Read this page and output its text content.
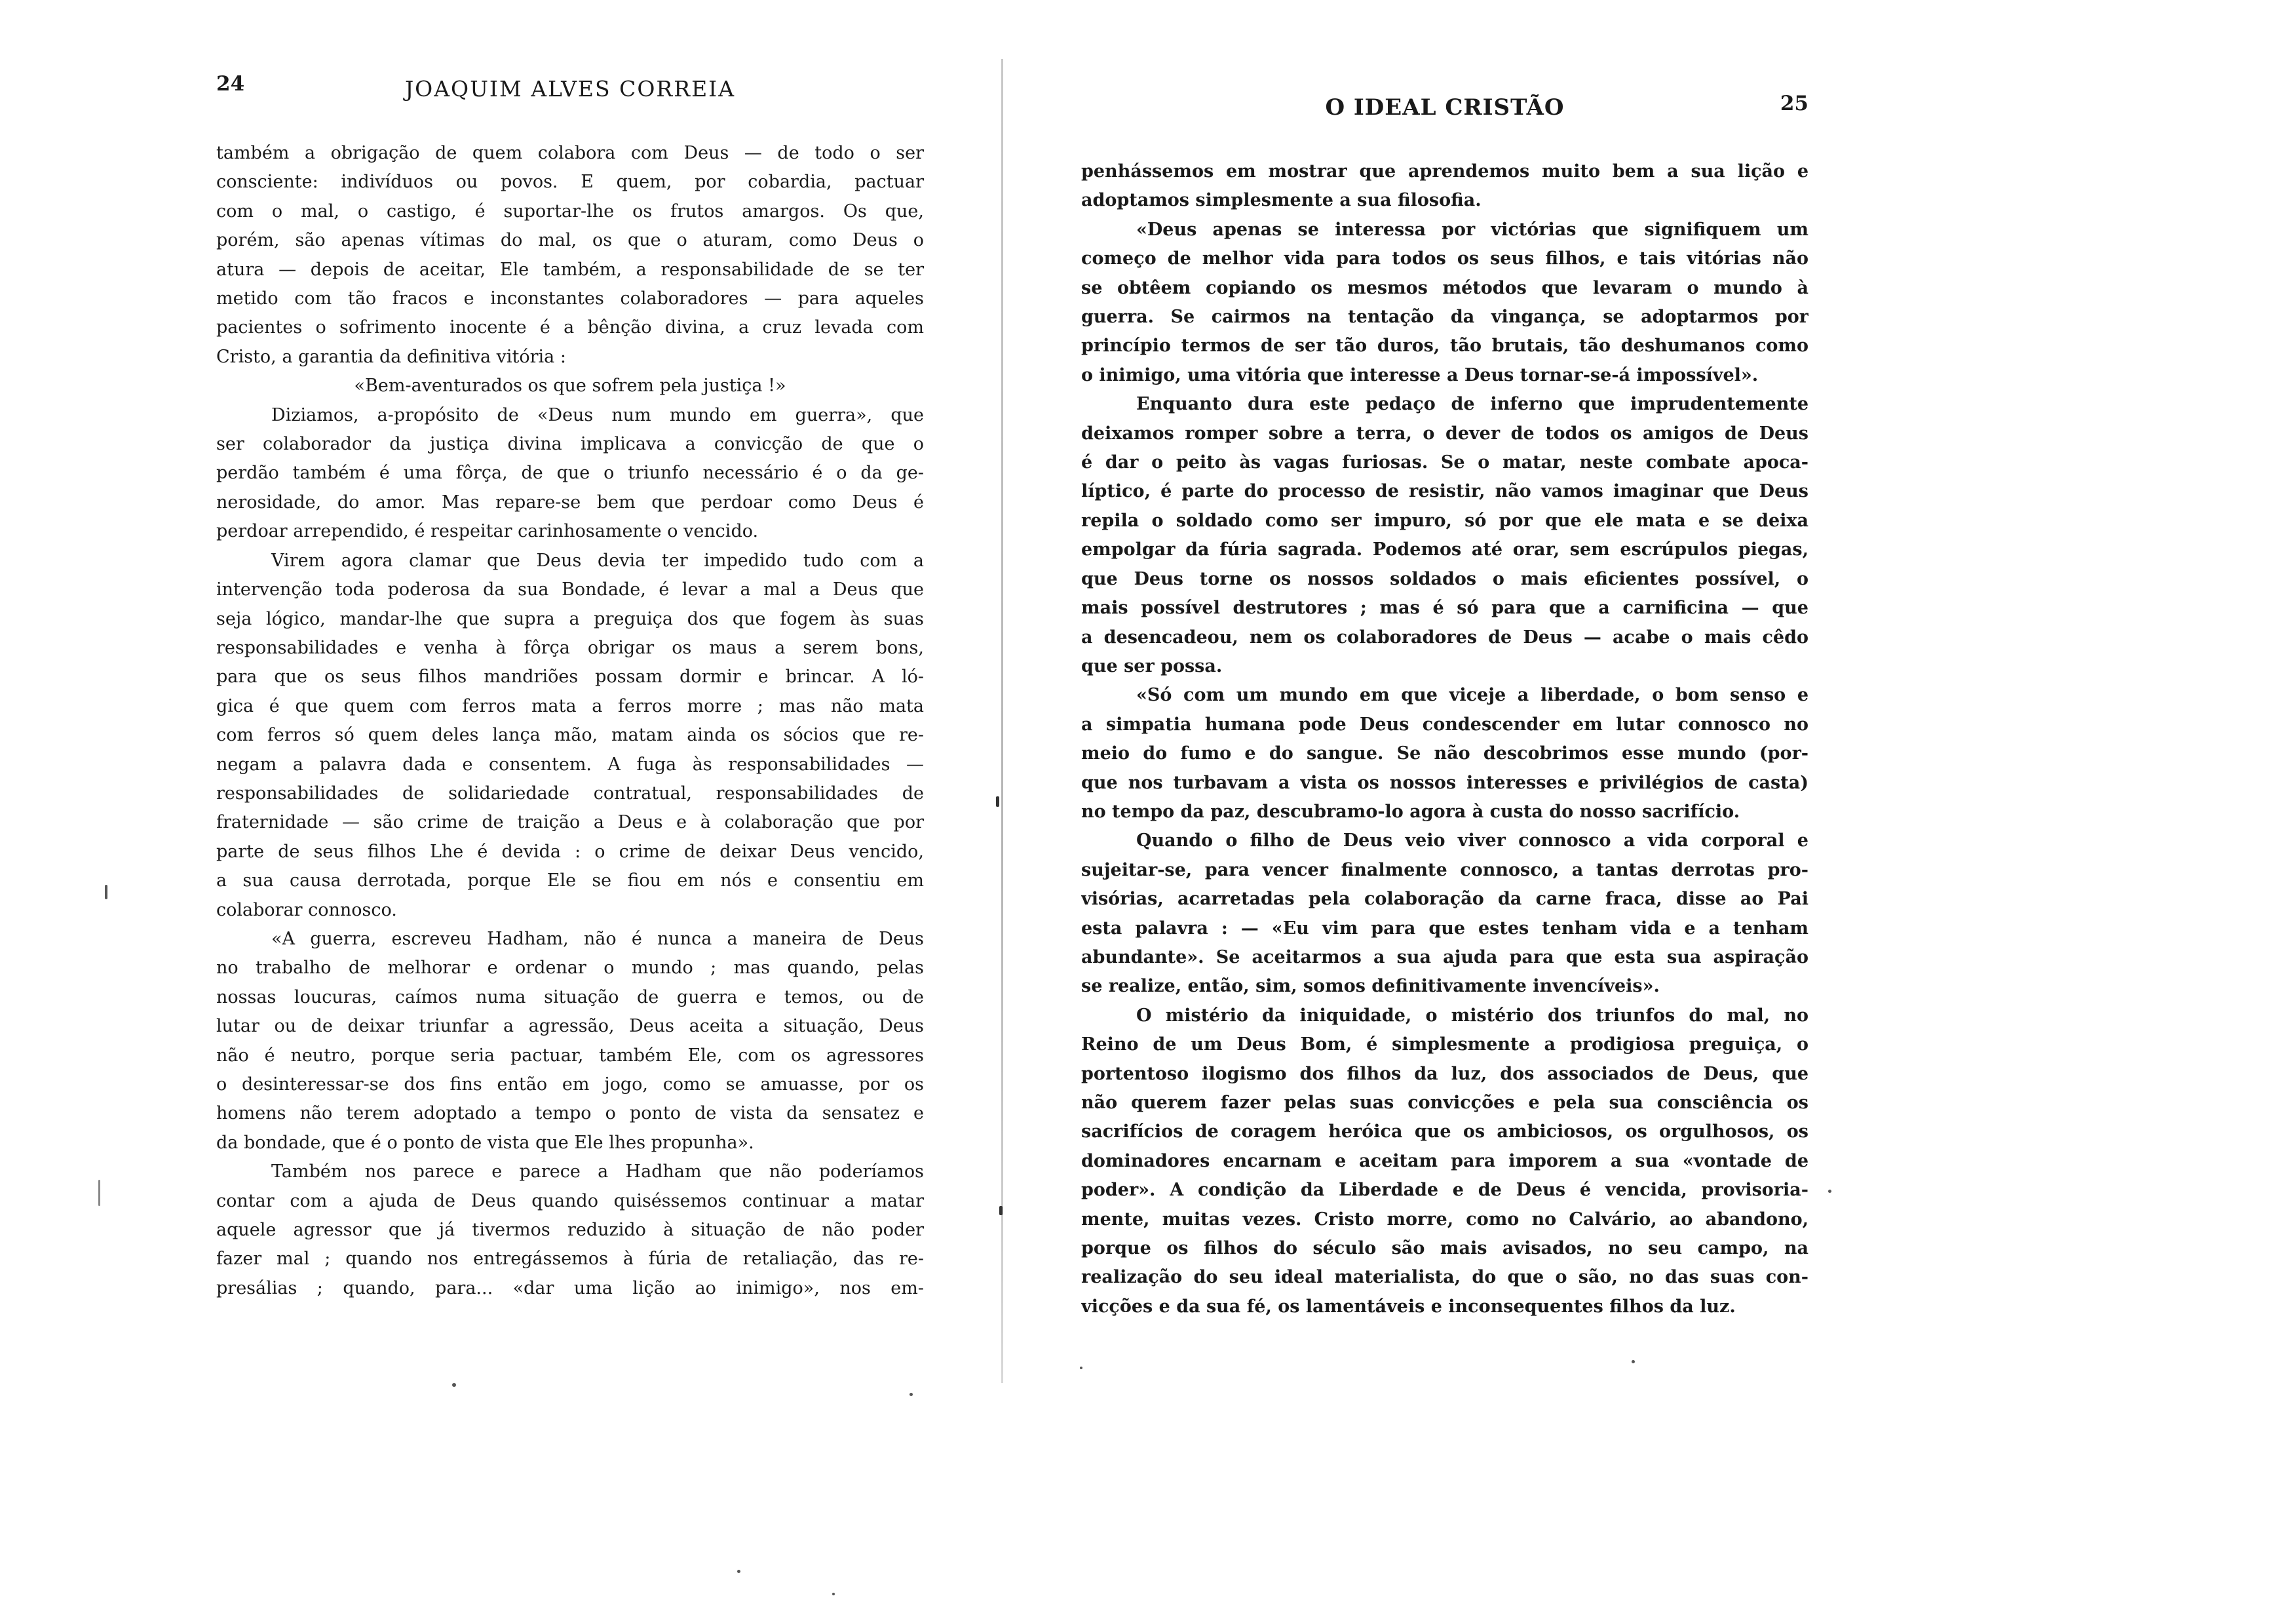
24	JOAQUIM ALVES CORREIA
também a obrigação de quem colabora com Deus — de todo o ser
consciente: indivíduos ou povos. E quem, por cobardia, pactuar
com o mal, o castigo, é suportar-lhe os frutos amargos. Os que,
porém, são apenas vítimas do mal, os que o aturam, como Deus o
atura — depois de aceitar, Ele também, a responsabilidade de se ter
metido com tão fracos e inconstantes colaboradores — para aqueles
pacientes o sofrimento inocente é a bênção divina, a cruz levada com
Cristo, a garantia da definitiva vitória :
«Bem-aventurados os que sofrem pela justiça !»
Diziamos, a-propósito de «Deus num mundo em guerra», que
ser colaborador da justiça divina implicava a convicção de que o
perdão também é uma fôrça, de que o triunfo necessário é o da ge-
nerosidade, do amor. Mas repare-se bem que perdoar como Deus é
perdoar arrependido, é respeitar carinhosamente o vencido.
Virem agora clamar que Deus devia ter impedido tudo com a
intervenção toda poderosa da sua Bondade, é levar a mal a Deus que
seja lógico, mandar-lhe que supra a preguiça dos que fogem às suas
responsabilidades e venha à fôrça obrigar os maus a serem bons,
para que os seus filhos mandriões possam dormir e brincar. A ló-
gica é que quem com ferros mata a ferros morre ; mas não mata
com ferros só quem deles lança mão, matam ainda os sócios que re-
negam a palavra dada e consentem. A fuga às responsabilidades —
responsabilidades de solidariedade contratual, responsabilidades de
fraternidade — são crime de traição a Deus e à colaboração que por
parte de seus filhos Lhe é devida : o crime de deixar Deus vencido,
a sua causa derrotada, porque Ele se fiou em nós e consentiu em
colaborar connosco.
«A guerra, escreveu Hadham, não é nunca a maneira de Deus
no trabalho de melhorar e ordenar o mundo ; mas quando, pelas
nossas loucuras, caímos numa situação de guerra e temos, ou de
lutar ou de deixar triunfar a agressão, Deus aceita a situação, Deus
não é neutro, porque seria pactuar, também Ele, com os agressores
o desinteressar-se dos fins então em jogo, como se amuasse, por os
homens não terem adoptado a tempo o ponto de vista da sensatez e
da bondade, que é o ponto de vista que Ele lhes propunha».
Também nos parece e parece a Hadham que não poderíamos
contar com a ajuda de Deus quando quiséssemos continuar a matar
aquele agressor que já tivermos reduzido à situação de não poder
fazer mal ; quando nos entregássemos à fúria de retaliação, das re-
presálias ; quando, para... «dar uma lição ao inimigo», nos em-
O IDEAL CRISTÃO	25
penhássemos em mostrar que aprendemos muito bem a sua lição e
adoptamos simplesmente a sua filosofia.
«Deus apenas se interessa por victórias que signifiquem um
começo de melhor vida para todos os seus filhos, e tais vitórias não
se obtêem copiando os mesmos métodos que levaram o mundo à
guerra. Se cairmos na tentação da vingança, se adoptarmos por
princípio termos de ser tão duros, tão brutais, tão deshumanos como
o inimigo, uma vitória que interesse a Deus tornar-se-á impossível».
Enquanto dura este pedaço de inferno que imprudentemente
deixamos romper sobre a terra, o dever de todos os amigos de Deus
é dar o peito às vagas furiosas. Se o matar, neste combate apoca-
líptico, é parte do processo de resistir, não vamos imaginar que Deus
repila o soldado como ser impuro, só por que ele mata e se deixa
empolgar da fúria sagrada. Podemos até orar, sem escrúpulos piegas,
que Deus torne os nossos soldados o mais eficientes possível, o
mais possível destrutores ; mas é só para que a carnificina — que
a desencadeou, nem os colaboradores de Deus — acabe o mais cêdo
que ser possa.
«Só com um mundo em que viceje a liberdade, o bom senso e
a simpatia humana pode Deus condescender em lutar connosco no
meio do fumo e do sangue. Se não descobrimos esse mundo (por-
que nos turbavam a vista os nossos interesses e privilégios de casta)
no tempo da paz, descubramo-lo agora à custa do nosso sacrifício.
Quando o filho de Deus veio viver connosco a vida corporal e
sujeitar-se, para vencer finalmente connosco, a tantas derrotas pro-
visórias, acarretadas pela colaboração da carne fraca, disse ao Pai
esta palavra : — «Eu vim para que estes tenham vida e a tenham
abundante». Se aceitarmos a sua ajuda para que esta sua aspiração
se realize, então, sim, somos definitivamente invencíveis».
O mistério da iniquidade, o mistério dos triunfos do mal, no
Reino de um Deus Bom, é simplesmente a prodigiosa preguiça, o
portentoso ilogismo dos filhos da luz, dos associados de Deus, que
não querem fazer pelas suas convicções e pela sua consciência os
sacrifícios de coragem heróica que os ambiciosos, os orgulhosos, os
dominadores encarnam e aceitam para imporem a sua «vontade de
poder». A condição da Liberdade e de Deus é vencida, provisoria-
mente, muitas vezes. Cristo morre, como no Calvário, ao abandono,
porque os filhos do século são mais avisados, no seu campo, na
realização do seu ideal materialista, do que o são, no das suas con-
vicções e da sua fé, os lamentáveis e inconsequentes filhos da luz.
